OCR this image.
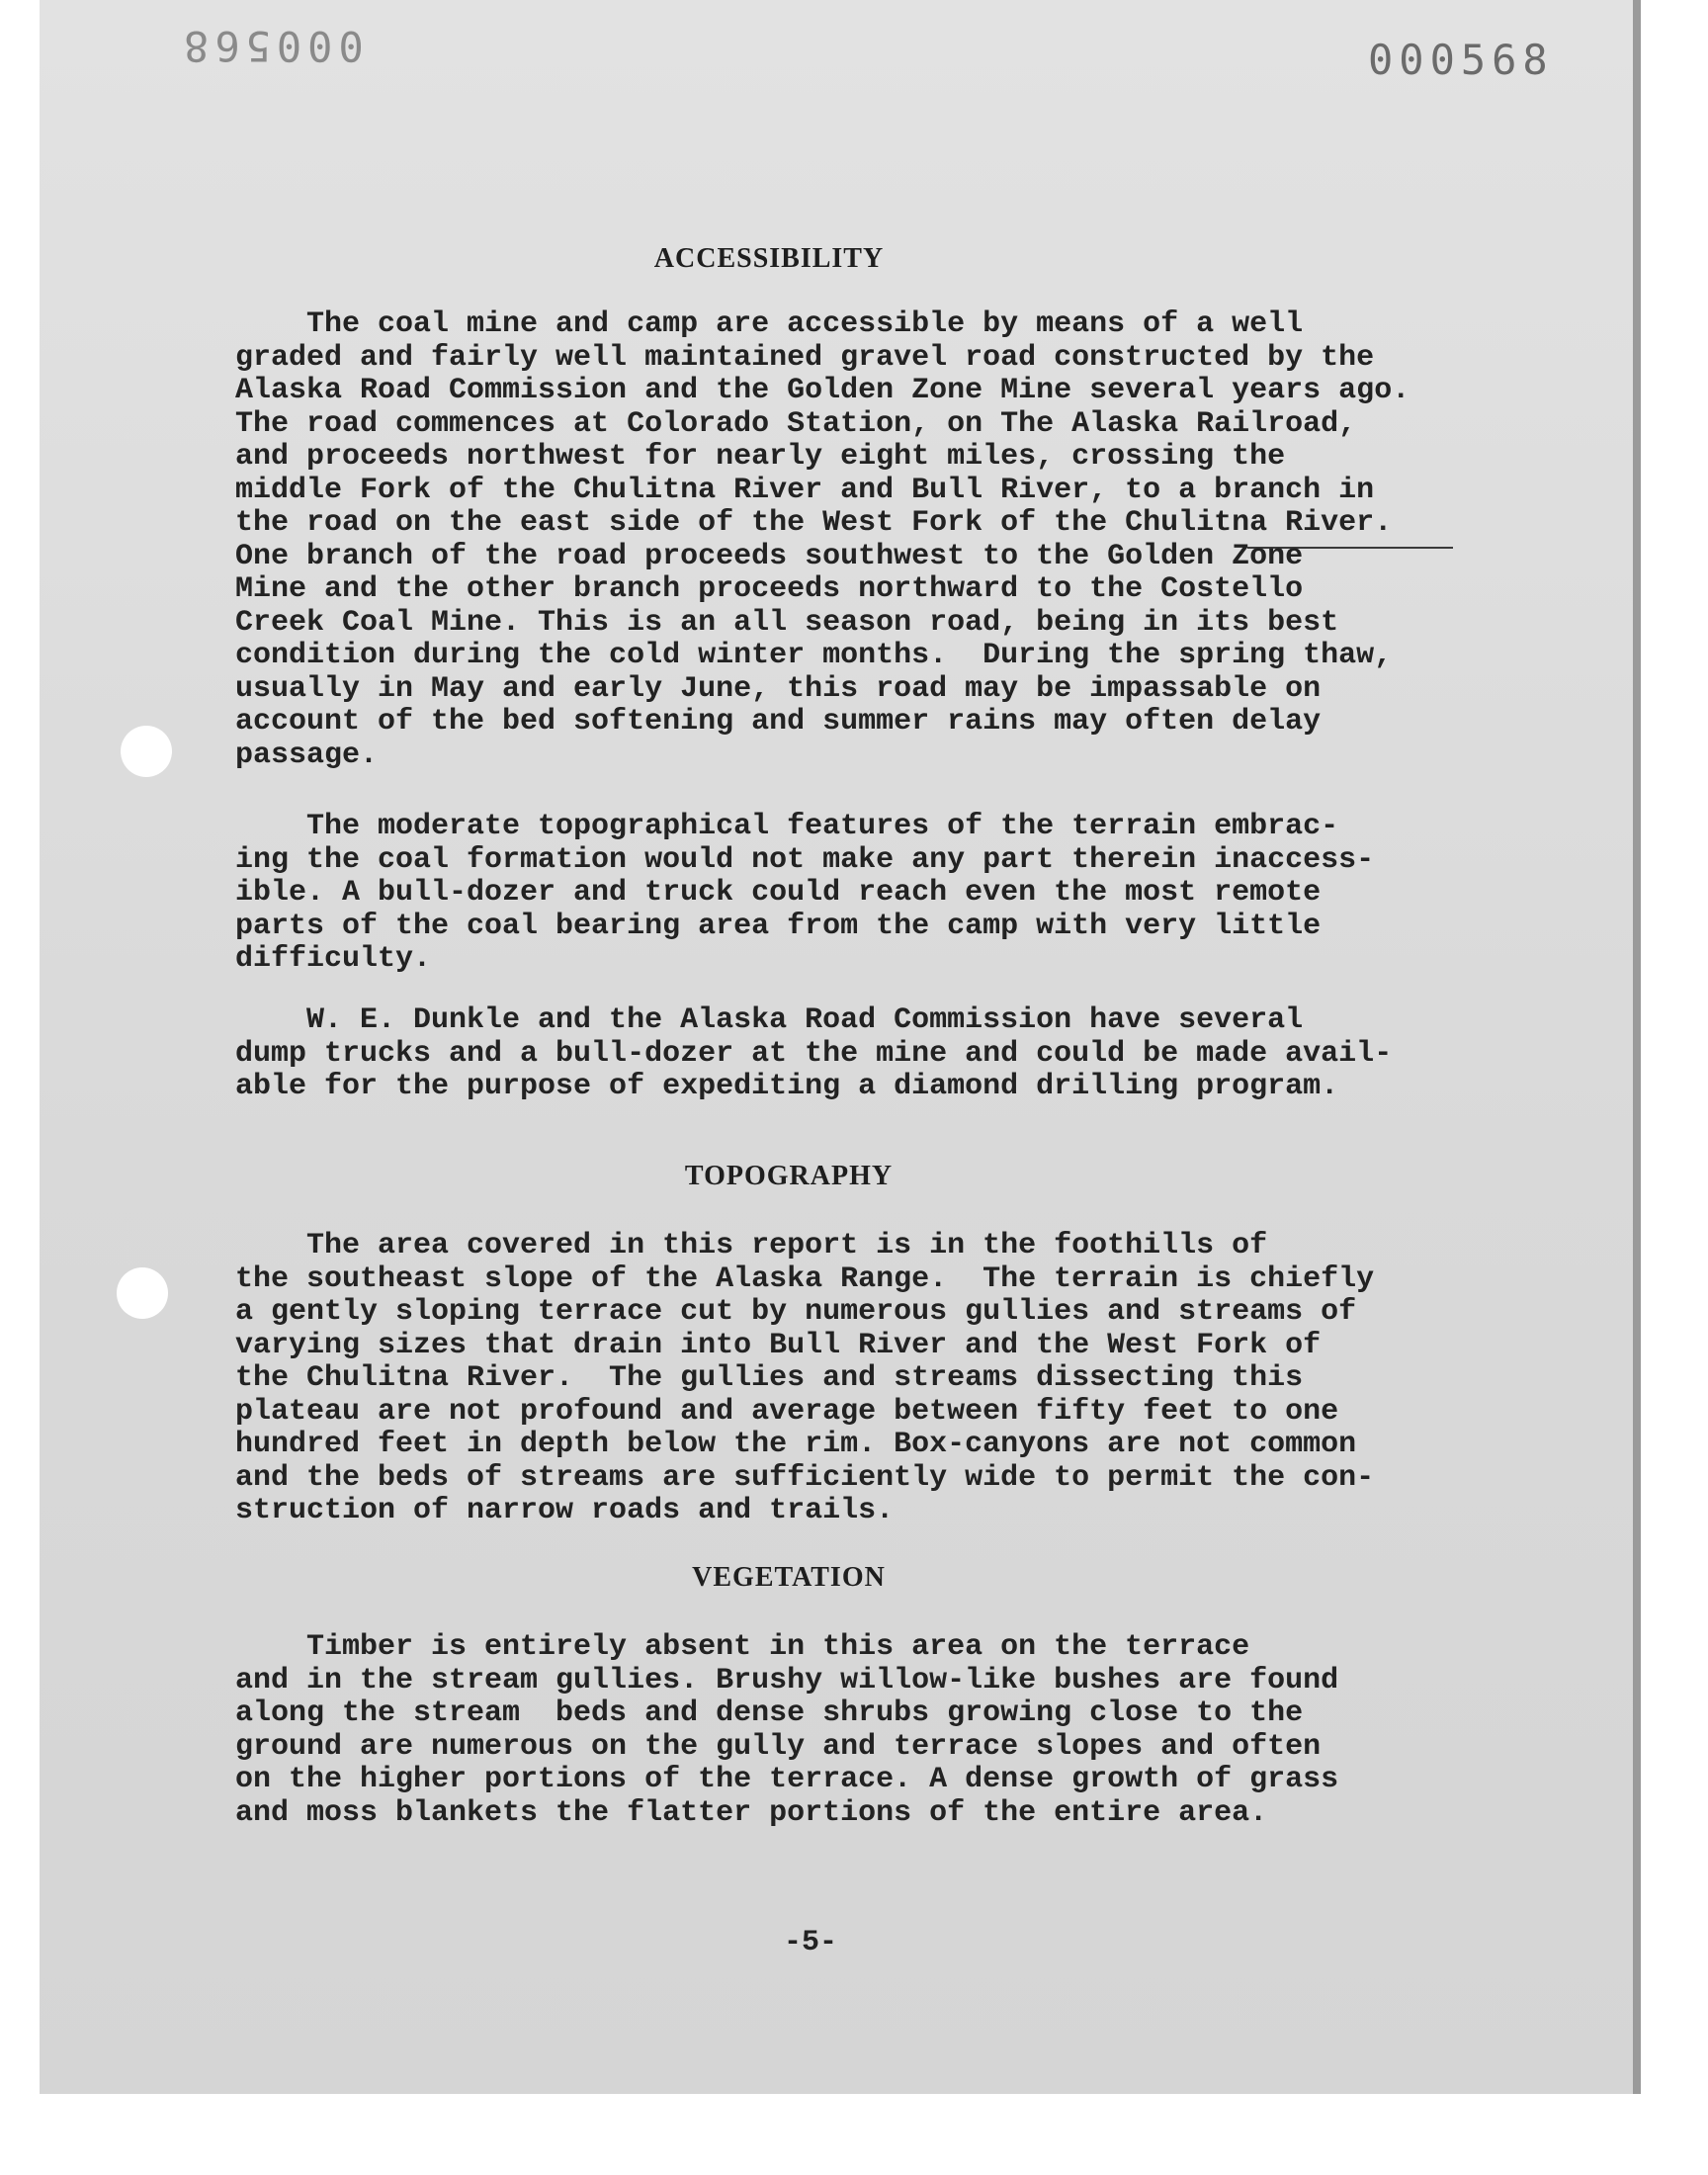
000568	000568
ACCESSIBILITY

The coal mine and camp are accessible by means of a well
graded and fairly well maintained gravel road constructed by the
Alaska Road Commission and the Golden Zone Mine several years ago.
The road commences at Colorado Station, on The Alaska Railroad,
and proceeds northwest for nearly eight miles, crossing the
middle Fork of the Chulitna River and Bull River, to a branch in
the road on the east side of the West Fork of the Chulitna River.
One branch of the road proceeds southwest to the Golden Zone
Mine and the other branch proceeds northward to the Costello
Creek Coal Mine. This is an all season road, being in its best
condition during the cold winter months.  During the spring thaw,
usually in May and early June, this road may be impassable on
account of the bed softening and summer rains may often delay
passage.

The moderate topographical features of the terrain embrac-
ing the coal formation would not make any part therein inaccess-
ible. A bull-dozer and truck could reach even the most remote
parts of the coal bearing area from the camp with very little
difficulty.

W. E. Dunkle and the Alaska Road Commission have several
dump trucks and a bull-dozer at the mine and could be made avail-
able for the purpose of expediting a diamond drilling program.

TOPOGRAPHY

The area covered in this report is in the foothills of
the southeast slope of the Alaska Range.  The terrain is chiefly
a gently sloping terrace cut by numerous gullies and streams of
varying sizes that drain into Bull River and the West Fork of
the Chulitna River.  The gullies and streams dissecting this
plateau are not profound and average between fifty feet to one
hundred feet in depth below the rim. Box-canyons are not common
and the beds of streams are sufficiently wide to permit the con-
struction of narrow roads and trails.

VEGETATION

Timber is entirely absent in this area on the terrace
and in the stream gullies. Brushy willow-like bushes are found
along the stream  beds and dense shrubs growing close to the
ground are numerous on the gully and terrace slopes and often
on the higher portions of the terrace. A dense growth of grass
and moss blankets the flatter portions of the entire area.

-5-
